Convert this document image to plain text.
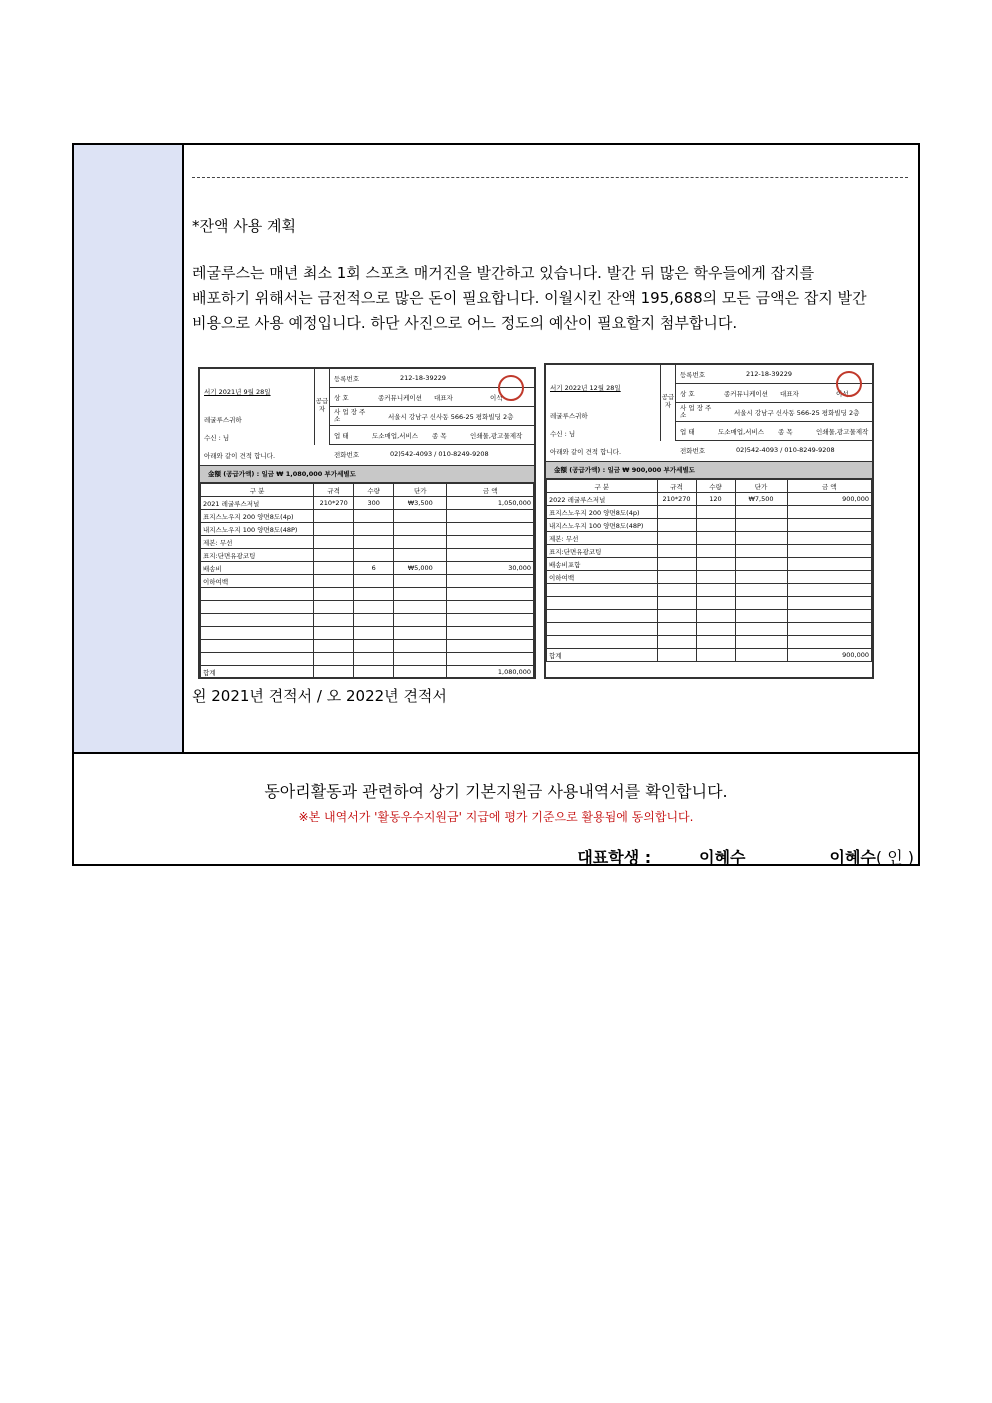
*잔액 사용 계획

레굴루스는 매년 최소 1회 스포츠 매거진을 발간하고 있습니다. 발간 뒤 많은 학우들에게 잡지를

배포하기 위해서는 금전적으로 많은 돈이 필요합니다. 이월시킨 잔액 195,688의 모든 금액은 잡지 발간

비용으로 사용 예정입니다. 하단 사진으로 어느 정도의 예산이 필요할지 첨부합니다.

서기 2021년 9월 28일
레굴루스귀하
수신 : 님
아래와 같이 견적 합니다.
공급자
등록번호	212-18-39229
상 호	종커뮤니케이션 대표자	이석
사 업 장 주 소	서울시 강남구 신사동 566-25 평화빌딩 2층
업 태	도소매업,서비스 종 목	인쇄물,광고물제작
전화번호	02)542-4093 / 010-8249-9208
金額 (공급가액) : 일금 ₩ 1,080,000 부가세별도
구 분	규격	수량	단가	금 액
2021 레굴루스저널	210*270	300	₩3,500	1,050,000
표지스노우지 200 양면8도(4p)				
내지스노우지 100 양면8도(48P)				
제본: 무선				
표지:단면유광코팅				
배송비		6	₩5,000	30,000
이하여백				

합계				1,080,000
서기 2022년 12월 28일
레굴루스귀하
수신 : 님
아래와 같이 견적 합니다.
공급자
등록번호	212-18-39229
상 호	종커뮤니케이션 대표자	이석
사 업 장 주 소	서울시 강남구 신사동 566-25 평화빌딩 2층
업 태	도소매업,서비스 종 목	인쇄물,광고물제작
전화번호	02)542-4093 / 010-8249-9208
金額 (공급가액) : 일금 ₩ 900,000 부가세별도
구 분	규격	수량	단가	금 액
2022 레굴루스저널	210*270	120	₩7,500	900,000
표지스노우지 200 양면8도(4p)				
내지스노우지 100 양면8도(48P)				
제본: 무선				
표지:단면유광코팅				
배송비포함				
이하여백				

합계				900,000
왼 2021년 견적서 / 오 2022년 견적서
동아리활동과 관련하여 상기 기본지원금 사용내역서를 확인합니다.
※본 내역서가 '활동우수지원금' 지급에 평가 기준으로 활용됨에 동의합니다.
대표학생 :	이혜수	이혜수( 인 )
